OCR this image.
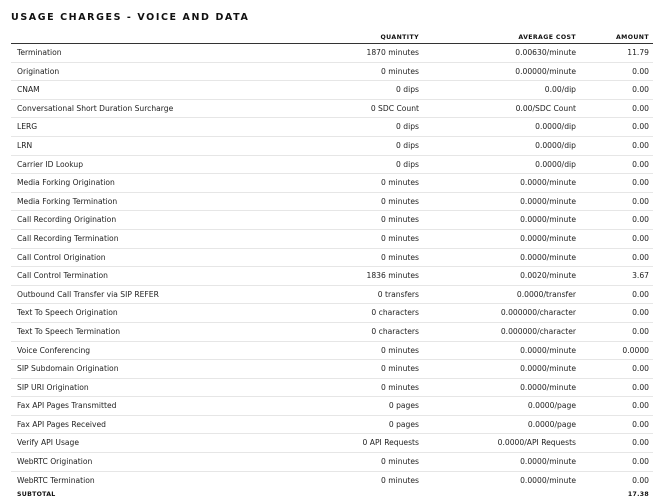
USAGE CHARGES - VOICE AND DATA
	QUANTITY	AVERAGE COST	AMOUNT
Termination	1870 minutes	0.00630/minute	11.79
Origination	0 minutes	0.00000/minute	0.00
CNAM	0 dips	0.00/dip	0.00
Conversational Short Duration Surcharge	0 SDC Count	0.00/SDC Count	0.00
LERG	0 dips	0.0000/dip	0.00
LRN	0 dips	0.0000/dip	0.00
Carrier ID Lookup	0 dips	0.0000/dip	0.00
Media Forking Origination	0 minutes	0.0000/minute	0.00
Media Forking Termination	0 minutes	0.0000/minute	0.00
Call Recording Origination	0 minutes	0.0000/minute	0.00
Call Recording Termination	0 minutes	0.0000/minute	0.00
Call Control Origination	0 minutes	0.0000/minute	0.00
Call Control Termination	1836 minutes	0.0020/minute	3.67
Outbound Call Transfer via SIP REFER	0 transfers	0.0000/transfer	0.00
Text To Speech Origination	0 characters	0.000000/character	0.00
Text To Speech Termination	0 characters	0.000000/character	0.00
Voice Conferencing	0 minutes	0.0000/minute	0.0000
SIP Subdomain Origination	0 minutes	0.0000/minute	0.00
SIP URI Origination	0 minutes	0.0000/minute	0.00
Fax API Pages Transmitted	0 pages	0.0000/page	0.00
Fax API Pages Received	0 pages	0.0000/page	0.00
Verify API Usage	0 API Requests	0.0000/API Requests	0.00
WebRTC Origination	0 minutes	0.0000/minute	0.00
WebRTC Termination	0 minutes	0.0000/minute	0.00
SUBTOTAL			17.38
